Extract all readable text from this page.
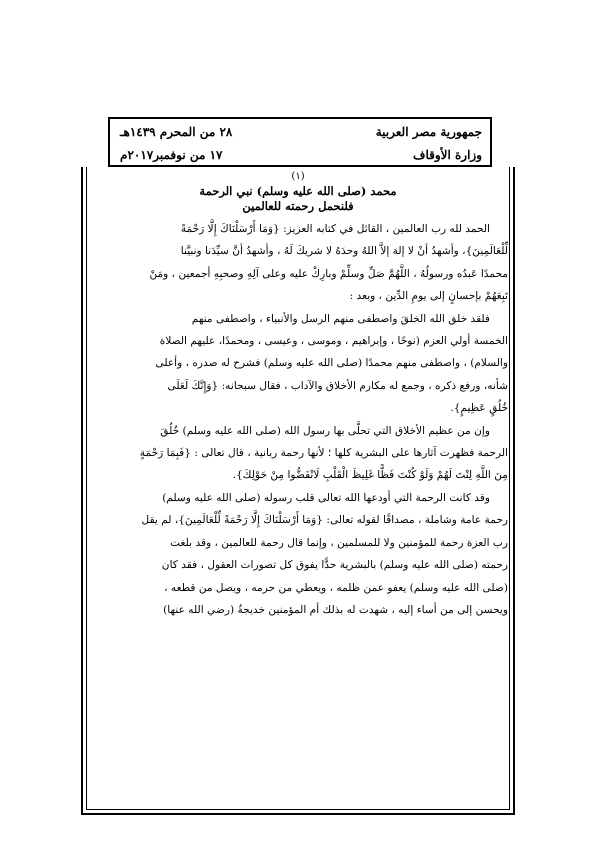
جمهورية مصر العربية
٢٨ من المحرم ١٤٣٩هـ
وزارة الأوقاف
١٧ من نوفمبر٢٠١٧م
(١)
محمد (صلى الله عليه وسلم) نبي الرحمة
فلنحمل رحمته للعالمين
الحمد لله رب العالمين ، القائل في كتابه العزيز: {وَمَا أَرْسَلْنَاكَ إِلَّا رَحْمَةً
لِّلْعَالَمِينَ}، وأشهدُ أنْ لا إلهَ إلاَّ اللهُ وحدَهُ لا شريكَ لَهُ ، وأشهدُ أنَّ سيِّدَنا ونبيَّنا
محمدًا عَبدُه ورسولُهُ ، اللَّهُمَّ صَلِّ وسلِّمْ وبارِكْ عليه وعلى آلِهِ وصحبِهِ أجمعين ، ومَنْ
تَبِعَهُمْ بإحسانٍ إلى يومِ الدِّين ، وبعد :
فلقد خلق الله الخلقَ واصطفى منهم الرسل والأنبياء ، واصطفى منهم
الخمسة أولي العزم (نوحًا ، وإبراهيم ، وموسى ، وعيسى ، ومحمدًا، عليهم الصلاة
والسلام) ، واصطفى منهم محمدًا (صلى الله عليه وسلم) فشرح له صدره ، وأعلى
شأنه، ورفع ذكره ، وجمع له مكارم الأخلاق والآداب ، فقال سبحانه: {وَإِنَّكَ لَعَلَى
خُلُقٍ عَظِيمٍ}.
وإن من عظيم الأخلاق التي تحلَّى بها رسول الله (صلى الله عليه وسلم) خُلُقَ
الرحمة فظهرت آثارها على البشرية كلها ؛ لأنها رحمة ربانية ، قال تعالى : {فَبِمَا رَحْمَةٍ
مِنَ اللَّهِ لِنْتَ لَهُمْ وَلَوْ كُنْتَ فَظًّا غَلِيظَ الْقَلْبِ لَانْفَضُّوا مِنْ حَوْلِكَ}.
وقد كانت الرحمة التي أودعها الله تعالى قلب رسوله (صلى الله عليه وسلم)
رحمة عامة وشاملة ، مصداقًا لقوله تعالى: {وَمَا أَرْسَلْنَاكَ إِلَّا رَحْمَةً لِّلْعَالَمِينَ}، لم يقل
رب العزة رحمة للمؤمنين ولا للمسلمين ، وإنما قال رحمة للعالمين ، وقد بلغت
رحمته (صلى الله عليه وسلم) بالبشرية حدًّا يفوق كل تصورات العقول ، فقد كان
(صلى الله عليه وسلم) يعفو عمن ظلمه ، ويعطي من حرمه ، ويصل من قطعه ،
ويحسن إلى من أساء إليه ، شهدت له بذلك أم المؤمنين خديجةُ (رضي الله عنها)
